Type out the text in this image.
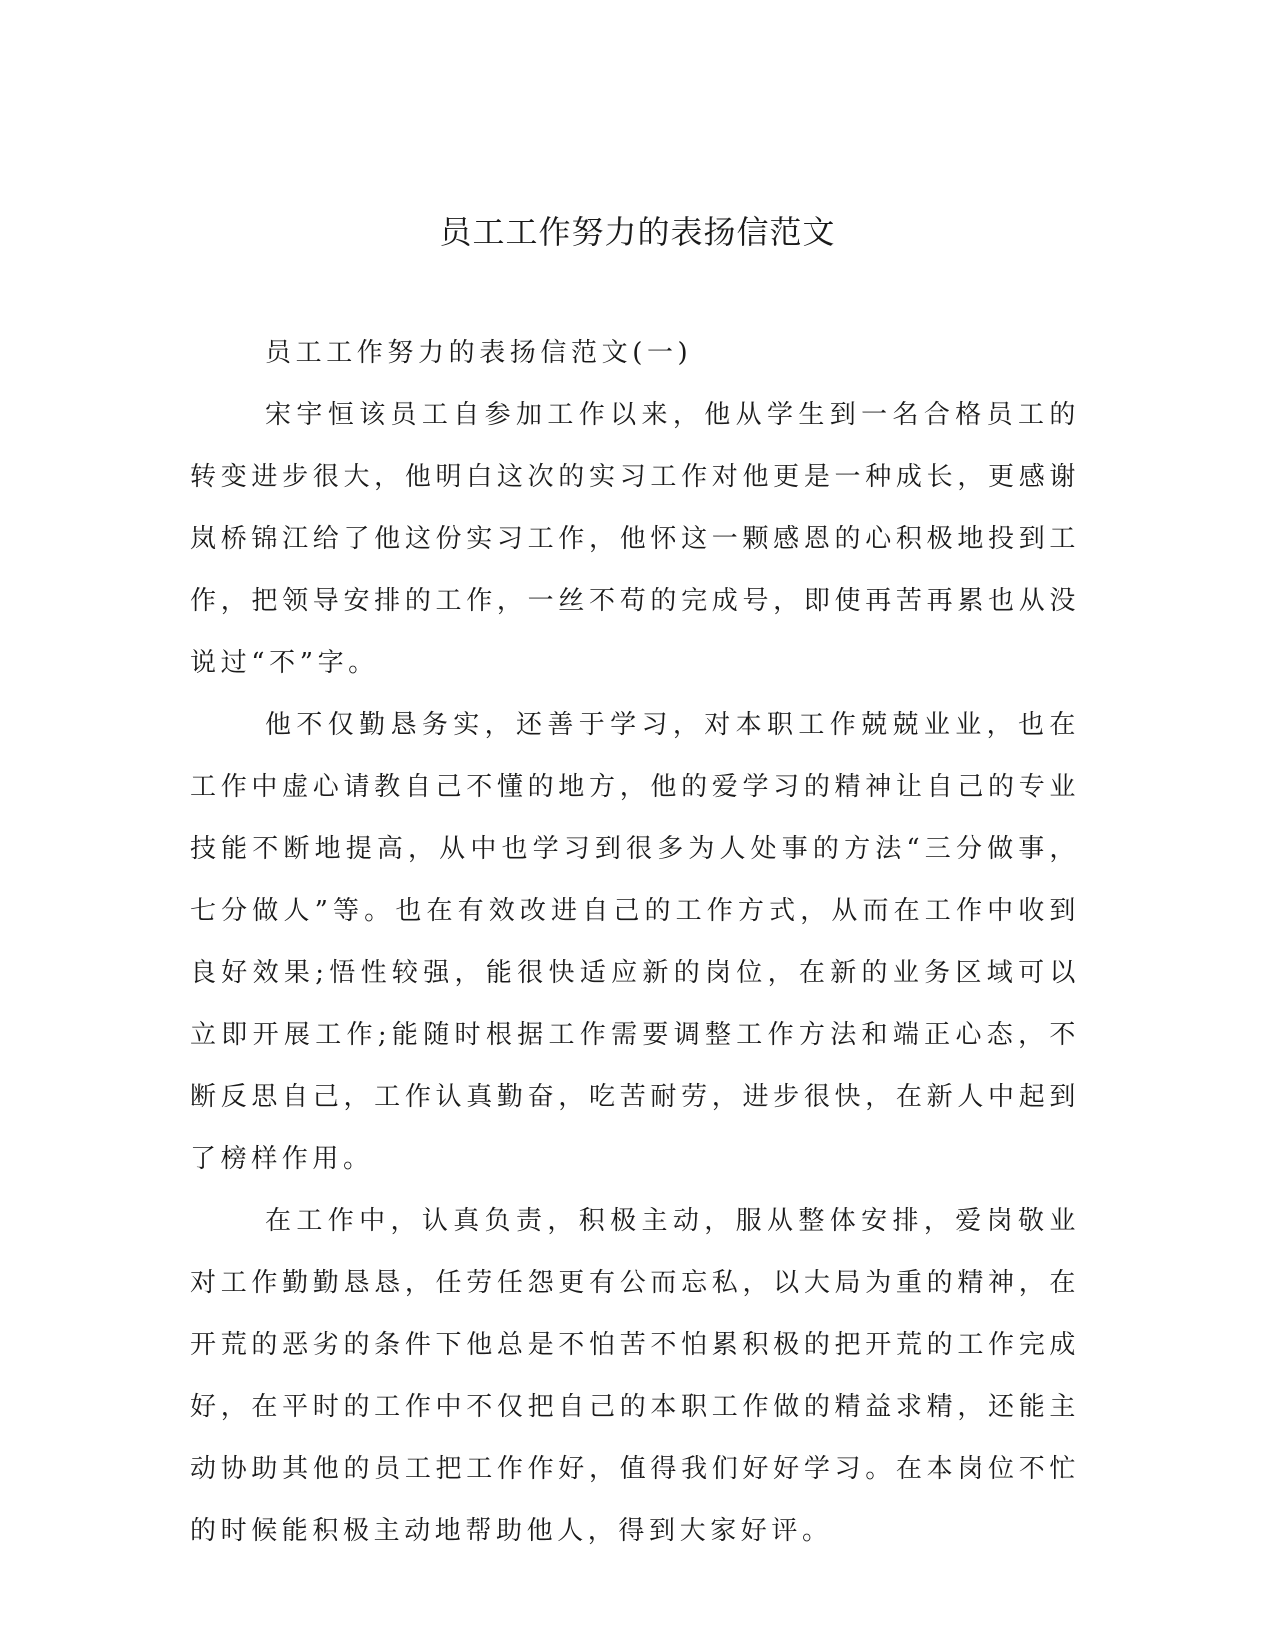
员工工作努力的表扬信范文

员工工作努力的表扬信范文(一)

宋宇恒该员工自参加工作以来，他从学生到一名合格员工的转变进步很大，他明白这次的实习工作对他更是一种成长，更感谢岚桥锦江给了他这份实习工作，他怀这一颗感恩的心积极地投到工作，把领导安排的工作，一丝不苟的完成号，即使再苦再累也从没说过“不”字。

他不仅勤恳务实，还善于学习，对本职工作兢兢业业，也在工作中虚心请教自己不懂的地方，他的爱学习的精神让自己的专业技能不断地提高，从中也学习到很多为人处事的方法“三分做事，七分做人”等。也在有效改进自己的工作方式，从而在工作中收到良好效果;悟性较强，能很快适应新的岗位，在新的业务区域可以立即开展工作;能随时根据工作需要调整工作方法和端正心态，不断反思自己，工作认真勤奋，吃苦耐劳，进步很快，在新人中起到了榜样作用。

在工作中，认真负责，积极主动，服从整体安排，爱岗敬业对工作勤勤恳恳，任劳任怨更有公而忘私，以大局为重的精神，在开荒的恶劣的条件下他总是不怕苦不怕累积极的把开荒的工作完成好，在平时的工作中不仅把自己的本职工作做的精益求精，还能主动协助其他的员工把工作作好，值得我们好好学习。在本岗位不忙的时候能积极主动地帮助他人，得到大家好评。
